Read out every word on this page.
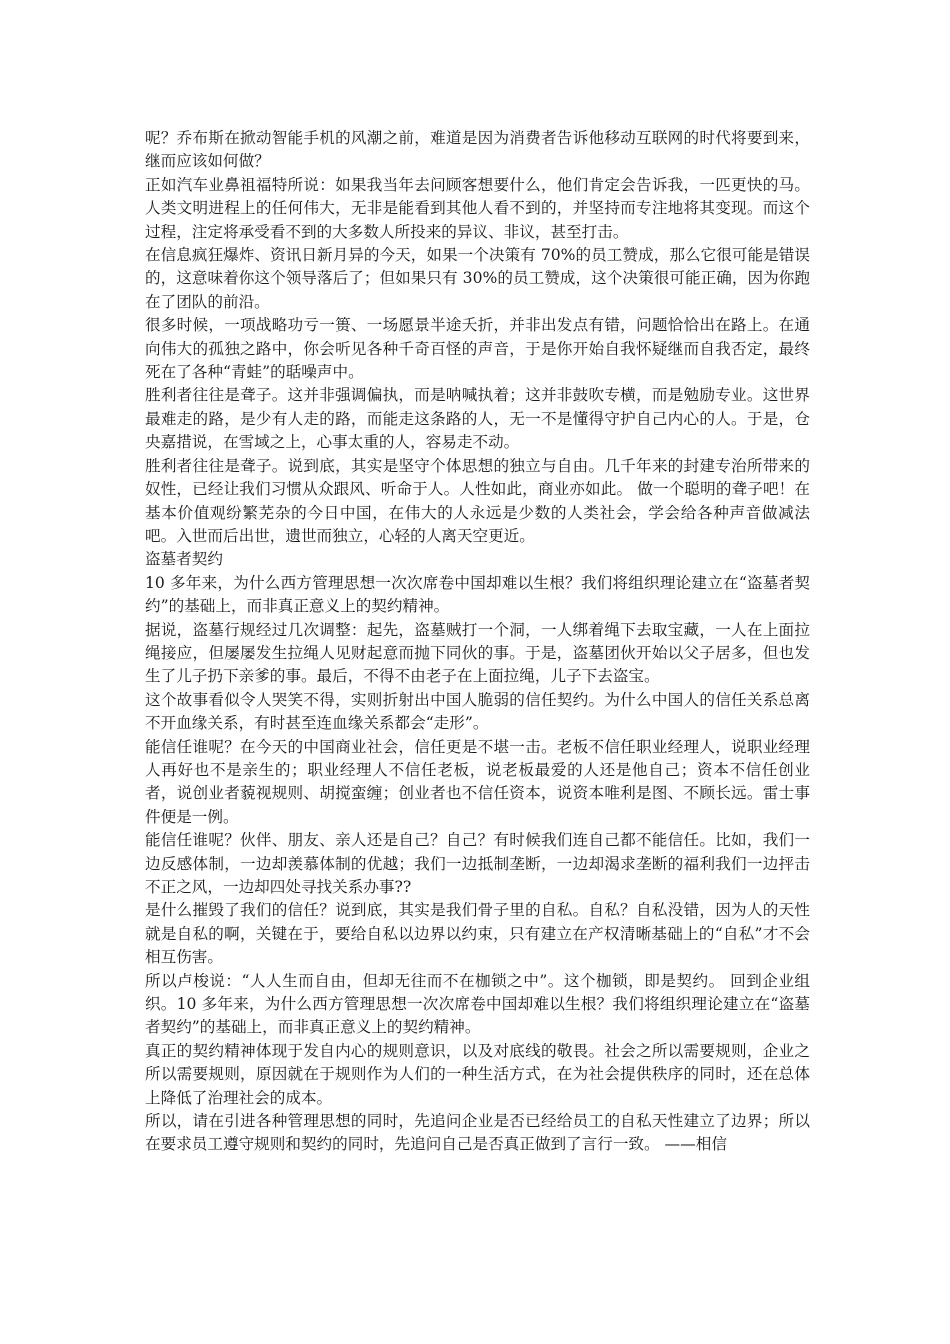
呢？乔布斯在掀动智能手机的风潮之前，难道是因为消费者告诉他移动互联网的时代将要到来，继而应该如何做？

正如汽车业鼻祖福特所说：如果我当年去问顾客想要什么，他们肯定会告诉我，一匹更快的马。人类文明进程上的任何伟大，无非是能看到其他人看不到的，并坚持而专注地将其变现。而这个过程，注定将承受看不到的大多数人所投来的异议、非议，甚至打击。

在信息疯狂爆炸、资讯日新月异的今天，如果一个决策有 70%的员工赞成，那么它很可能是错误的，这意味着你这个领导落后了；但如果只有 30%的员工赞成，这个决策很可能正确，因为你跑在了团队的前沿。

很多时候，一项战略功亏一篑、一场愿景半途夭折，并非出发点有错，问题恰恰出在路上。在通向伟大的孤独之路中，你会听见各种千奇百怪的声音，于是你开始自我怀疑继而自我否定，最终死在了各种“青蛙”的聒噪声中。

胜利者往往是聋子。这并非强调偏执，而是呐喊执着；这并非鼓吹专横，而是勉励专业。这世界最难走的路，是少有人走的路，而能走这条路的人，无一不是懂得守护自己内心的人。于是，仓央嘉措说，在雪域之上，心事太重的人，容易走不动。

胜利者往往是聋子。说到底，其实是坚守个体思想的独立与自由。几千年来的封建专治所带来的奴性，已经让我们习惯从众跟风、听命于人。人性如此，商业亦如此。 做一个聪明的聋子吧！在基本价值观纷繁芜杂的今日中国，在伟大的人永远是少数的人类社会，学会给各种声音做减法吧。入世而后出世，遗世而独立，心轻的人离天空更近。

盗墓者契约

10 多年来，为什么西方管理思想一次次席卷中国却难以生根？我们将组织理论建立在“盗墓者契约”的基础上，而非真正意义上的契约精神。

据说，盗墓行规经过几次调整：起先，盗墓贼打一个洞，一人绑着绳下去取宝藏，一人在上面拉绳接应，但屡屡发生拉绳人见财起意而抛下同伙的事。于是，盗墓团伙开始以父子居多，但也发生了儿子扔下亲爹的事。最后，不得不由老子在上面拉绳，儿子下去盗宝。

这个故事看似令人哭笑不得，实则折射出中国人脆弱的信任契约。为什么中国人的信任关系总离不开血缘关系，有时甚至连血缘关系都会“走形”。

能信任谁呢？在今天的中国商业社会，信任更是不堪一击。老板不信任职业经理人，说职业经理人再好也不是亲生的；职业经理人不信任老板，说老板最爱的人还是他自己；资本不信任创业者，说创业者藐视规则、胡搅蛮缠；创业者也不信任资本，说资本唯利是图、不顾长远。雷士事件便是一例。

能信任谁呢？伙伴、朋友、亲人还是自己？自己？有时候我们连自己都不能信任。比如，我们一边反感体制，一边却羡慕体制的优越；我们一边抵制垄断，一边却渴求垄断的福利我们一边抨击不正之风，一边却四处寻找关系办事??

是什么摧毁了我们的信任？说到底，其实是我们骨子里的自私。自私？自私没错，因为人的天性就是自私的啊，关键在于，要给自私以边界以约束，只有建立在产权清晰基础上的“自私”才不会相互伤害。

所以卢梭说：“人人生而自由，但却无往而不在枷锁之中”。这个枷锁，即是契约。 回到企业组织。10 多年来，为什么西方管理思想一次次席卷中国却难以生根？我们将组织理论建立在“盗墓者契约”的基础上，而非真正意义上的契约精神。

真正的契约精神体现于发自内心的规则意识，以及对底线的敬畏。社会之所以需要规则，企业之所以需要规则，原因就在于规则作为人们的一种生活方式，在为社会提供秩序的同时，还在总体上降低了治理社会的成本。

所以，请在引进各种管理思想的同时，先追问企业是否已经给员工的自私天性建立了边界；所以在要求员工遵守规则和契约的同时，先追问自己是否真正做到了言行一致。 ——相信
